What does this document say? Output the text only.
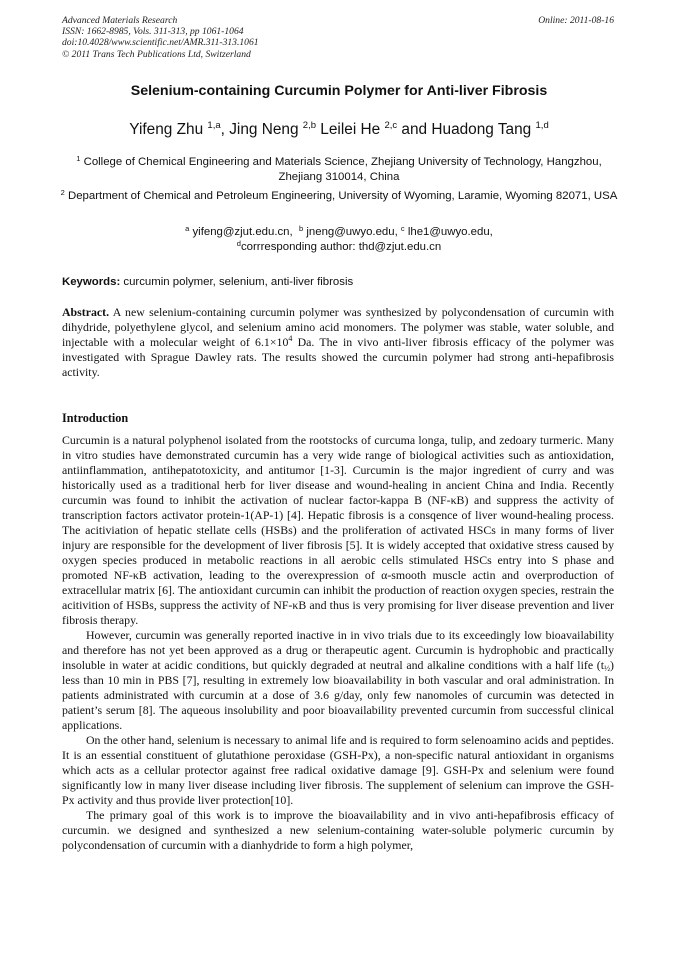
Advanced Materials Research
ISSN: 1662-8985, Vols. 311-313, pp 1061-1064
doi:10.4028/www.scientific.net/AMR.311-313.1061
© 2011 Trans Tech Publications Ltd, Switzerland
Online: 2011-08-16
Selenium-containing Curcumin Polymer for Anti-liver Fibrosis
Yifeng Zhu $^{1,a}$, Jing Neng $^{2,b}$ Leilei He $^{2,c}$ and Huadong Tang $^{1,d}$
$^1$ College of Chemical Engineering and Materials Science, Zhejiang University of Technology, Hangzhou, Zhejiang 310014, China
$^2$ Department of Chemical and Petroleum Engineering, University of Wyoming, Laramie, Wyoming 82071, USA
$^a$ yifeng@zjut.edu.cn, $^b$ jneng@uwyo.edu, $^c$ lhe1@uwyo.edu,
$^d$corrresponding author: thd@zjut.edu.cn
Keywords: curcumin polymer, selenium, anti-liver fibrosis
Abstract. A new selenium-containing curcumin polymer was synthesized by polycondensation of curcumin with dihydride, polyethylene glycol, and selenium amino acid monomers. The polymer was stable, water soluble, and injectable with a molecular weight of $6.1\times 10^4$ Da. The in vivo anti-liver fibrosis efficacy of the polymer was investigated with Sprague Dawley rats. The results showed the curcumin polymer had strong anti-hepafibrosis activity.
Introduction

Curcumin is a natural polyphenol isolated from the rootstocks of curcuma longa, tulip, and zedoary turmeric. Many in vitro studies have demonstrated curcumin has a very wide range of biological activities such as antioxidation, antiinflammation, antihepatotoxicity, and antitumor [1-3]. Curcumin is the major ingredient of curry and was historically used as a traditional herb for liver disease and wound-healing in ancient China and India. Recently curcumin was found to inhibit the activation of nuclear factor-kappa B (NF-κB) and suppress the activity of transcription factors activator protein-1(AP-1) [4]. Hepatic fibrosis is a consqence of liver wound-healing process. The acitiviation of hepatic stellate cells (HSBs) and the proliferation of activated HSCs in many forms of liver injury are responsible for the development of liver fibrosis [5]. It is widely accepted that oxidative stress caused by oxygen species produced in metabolic reactions in all aerobic cells stimulated HSCs entry into S phase and promoted NF-κB activation, leading to the overexpression of α-smooth muscle actin and overproduction of extracellular matrix [6]. The antioxidant curcumin can inhibit the production of reaction oxygen species, restrain the acitivition of HSBs, suppress the activity of NF-κB and thus is very promising for liver disease prevention and liver fibrosis therapy.

However, curcumin was generally reported inactive in in vivo trials due to its exceedingly low bioavailability and therefore has not yet been approved as a drug or therapeutic agent. Curcumin is hydrophobic and practically insoluble in water at acidic conditions, but quickly degraded at neutral and alkaline conditions with a half life (t½) less than 10 min in PBS [7], resulting in extremely low bioavailability in both vascular and oral administration. In patients administrated with curcumin at a dose of 3.6 g/day, only few nanomoles of curcumin was detected in patient’s serum [8]. The aqueous insolubility and poor bioavailability prevented curcumin from successful clinical applications.

On the other hand, selenium is necessary to animal life and is required to form selenoamino acids and peptides. It is an essential constituent of glutathione peroxidase (GSH-Px), a non-specific natural antioxidant in organisms which acts as a cellular protector against free radical oxidative damage [9]. GSH-Px and selenium were found significantly low in many liver disease including liver fibrosis. The supplement of selenium can improve the GSH-Px activity and thus provide liver protection[10].

The primary goal of this work is to improve the bioavailability and in vivo anti-hepafibrosis efficacy of curcumin. we designed and synthesized a new selenium-containing water-soluble polymeric curcumin by polycondensation of curcumin with a dianhydride to form a high polymer,
